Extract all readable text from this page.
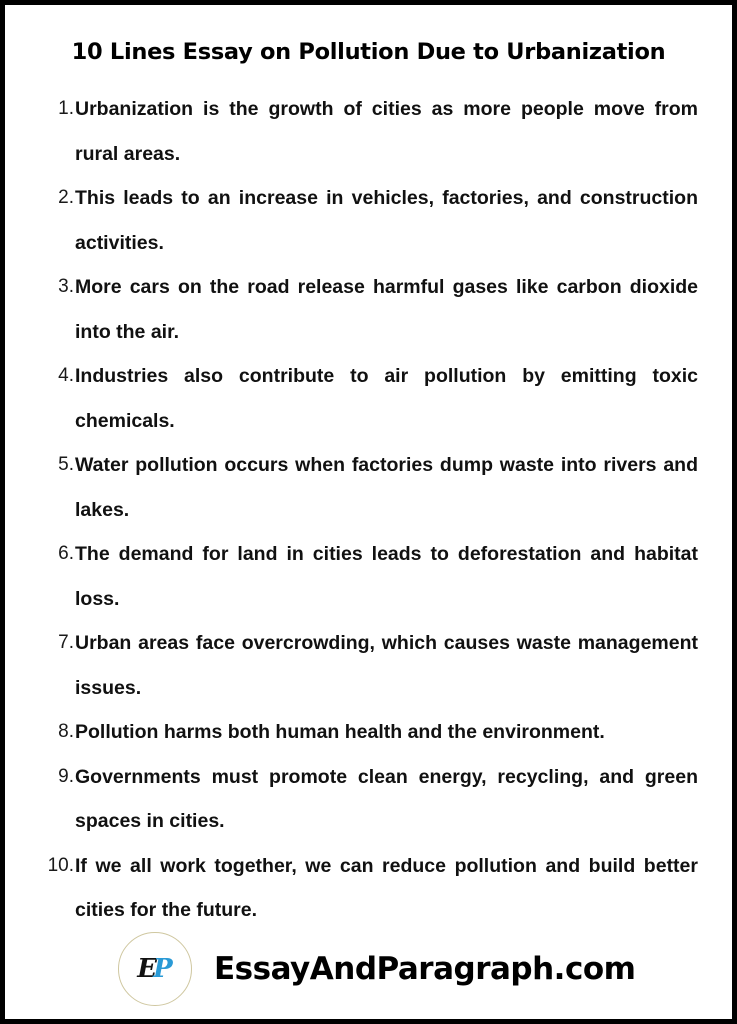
10 Lines Essay on Pollution Due to Urbanization
1. Urbanization is the growth of cities as more people move from rural areas.
2. This leads to an increase in vehicles, factories, and construction activities.
3. More cars on the road release harmful gases like carbon dioxide into the air.
4. Industries also contribute to air pollution by emitting toxic chemicals.
5. Water pollution occurs when factories dump waste into rivers and lakes.
6. The demand for land in cities leads to deforestation and habitat loss.
7. Urban areas face overcrowding, which causes waste management issues.
8. Pollution harms both human health and the environment.
9. Governments must promote clean energy, recycling, and green spaces in cities.
10. If we all work together, we can reduce pollution and build better cities for the future.
E P EssayAndParagraph.com
